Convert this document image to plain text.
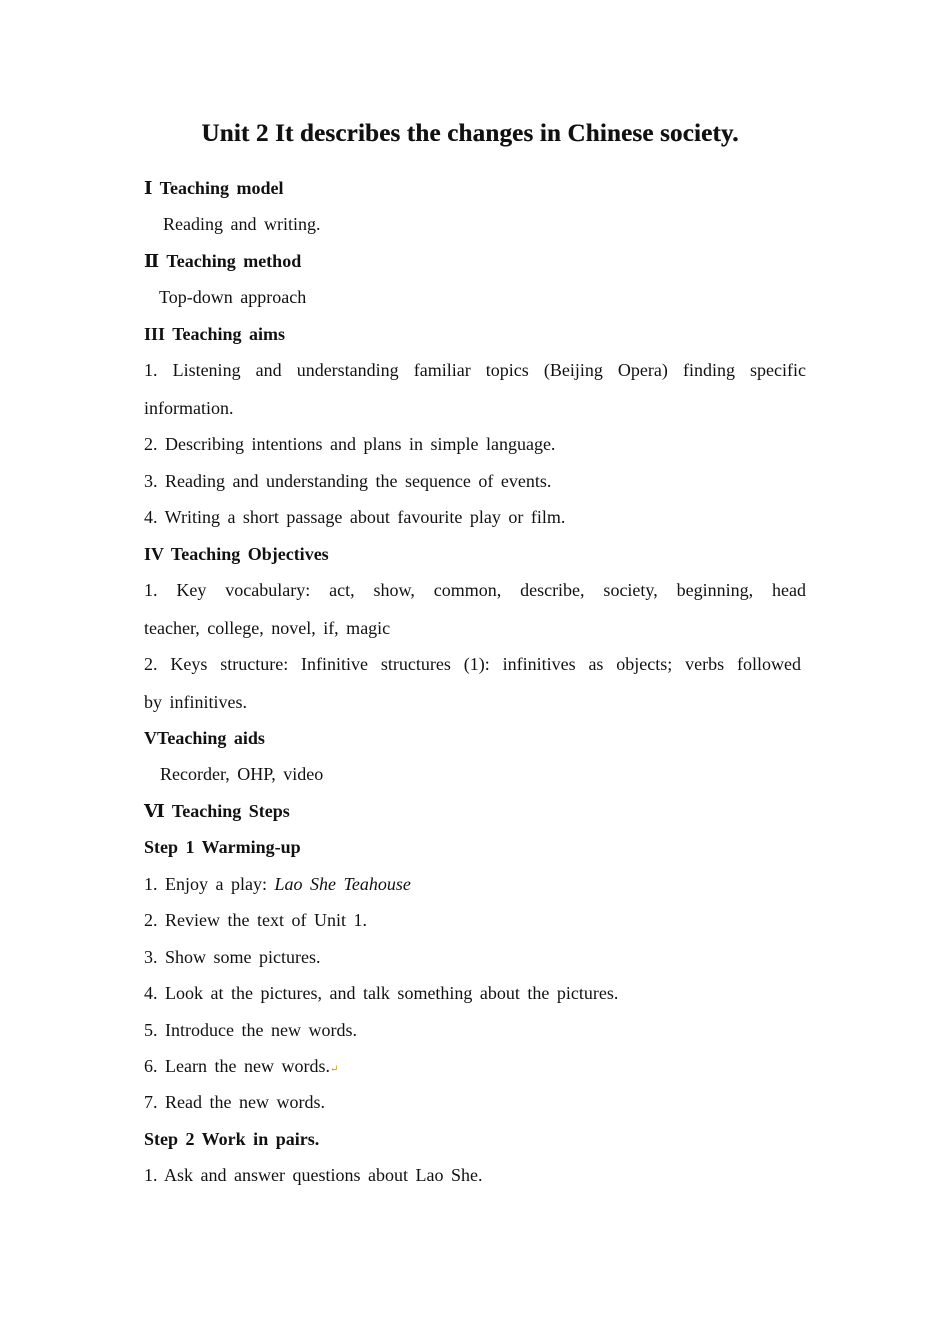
Unit 2 It describes the changes in Chinese society.
Ⅰ Teaching model
Reading and writing.
Ⅱ Teaching method
Top-down approach
III Teaching aims
1. Listening and understanding familiar topics (Beijing Opera) finding specific
information.
2. Describing intentions and plans in simple language.
3. Reading and understanding the sequence of events.
4. Writing a short passage about favourite play or film.
IV Teaching Objectives
1. Key vocabulary: act, show, common, describe, society, beginning, head
teacher, college, novel, if, magic
2. Keys structure: Infinitive structures (1): infinitives as objects; verbs followed
by infinitives.
VTeaching aids
Recorder, OHP, video
Ⅵ Teaching Steps
Step 1 Warming-up
1. Enjoy a play: Lao She Teahouse
2. Review the text of Unit 1.
3. Show some pictures.
4. Look at the pictures, and talk something about the pictures.
5. Introduce the new words.
6. Learn the new words.↵
7. Read the new words.
Step 2 Work in pairs.
1. Ask and answer questions about Lao She.
